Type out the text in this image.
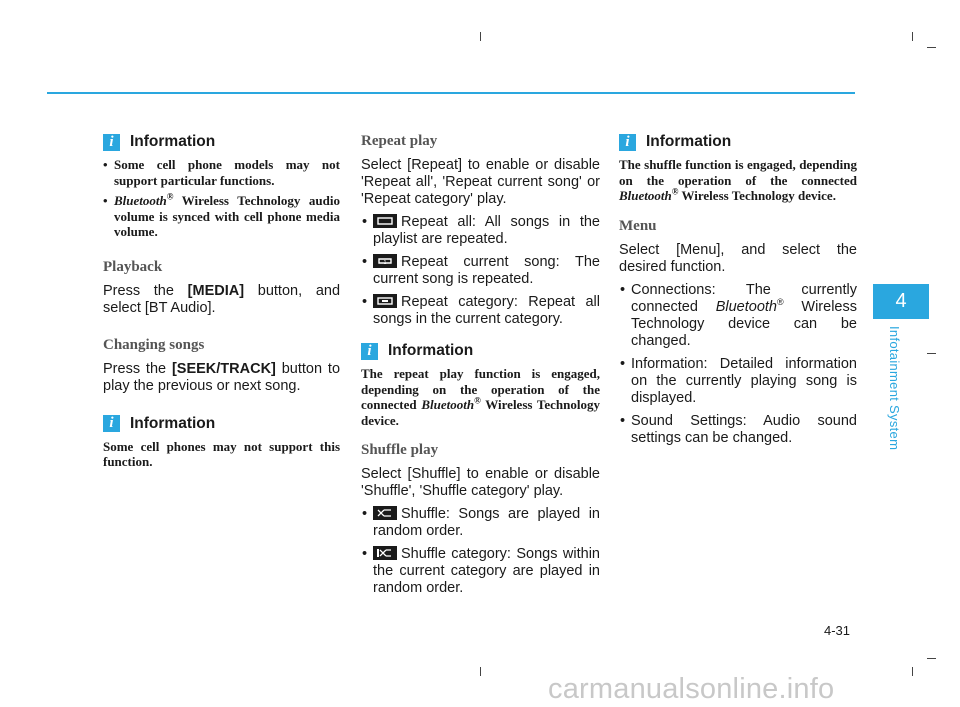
i	Information
• Some cell phone models may not support particular functions.
• Bluetooth® Wireless Technology audio volume is synced with cell phone media volume.
Playback

Press the [MEDIA] button, and select [BT Audio].

Changing songs

Press the [SEEK/TRACK] button to play the previous or next song.

i	Information

Some cell phones may not support this function.

Repeat play

Select [Repeat] to enable or disable 'Repeat all', 'Repeat current song' or 'Repeat category' play.

• Repeat all: All songs in the playlist are repeated.
• 1 Repeat current song: The current song is repeated.
• Repeat category: Repeat all songs in the current category.
i	Information

The repeat play function is engaged, depending on the operation of the connected Bluetooth® Wireless Technology device.

Shuffle play

Select [Shuffle] to enable or disable 'Shuffle', 'Shuffle category' play.

• Shuffle: Songs are played in random order.
• Shuffle category: Songs within the current category are played in random order.
i	Information

The shuffle function is engaged, depending on the operation of the connected Bluetooth® Wireless Technology device.

Menu

Select [Menu], and select the desired function.

• Connections: The currently connected Bluetooth® Wireless Technology device can be changed.
• Information: Detailed information on the currently playing song is displayed.
• Sound Settings: Audio sound settings can be changed.
4
Infotainment System
4-31
carmanualsonline.info
